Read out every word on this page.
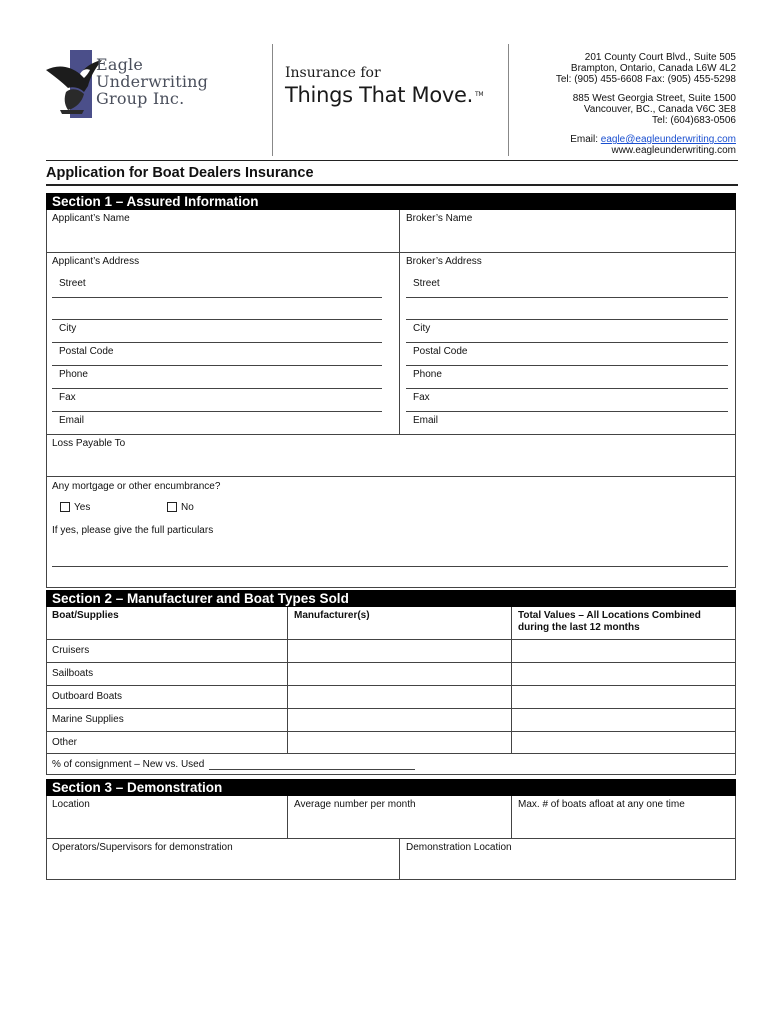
Eagle
Underwriting
Group Inc.
Insurance for
Things That Move. ™
201 County Court Blvd., Suite 505
Brampton, Ontario, Canada L6W 4L2
Tel: (905) 455-6608 Fax: (905) 455-5298
885 West Georgia Street, Suite 1500
Vancouver, BC., Canada V6C 3E8
Tel: (604)683-0506
Email: eagle@eagleunderwriting.com
www.eagleunderwriting.com
Application for Boat Dealers Insurance
Section 1 – Assured Information
Applicant’s Name	Broker’s Name
Applicant’s Address	Broker’s Address
Street
City
Postal Code
Phone
Fax
Email
Street
City
Postal Code
Phone
Fax
Email
Loss Payable To
Any mortgage or other encumbrance?
Yes	No
If yes, please give the full particulars
Section 2 – Manufacturer and Boat Types Sold
Boat/Supplies	Manufacturer(s)	Total Values – All Locations Combined
during the last 12 months
Cruisers
Sailboats
Outboard Boats
Marine Supplies
Other
% of consignment – New vs. Used
Section 3 – Demonstration
Location	Average number per month	Max. # of boats afloat at any one time
Operators/Supervisors for demonstration	Demonstration Location
